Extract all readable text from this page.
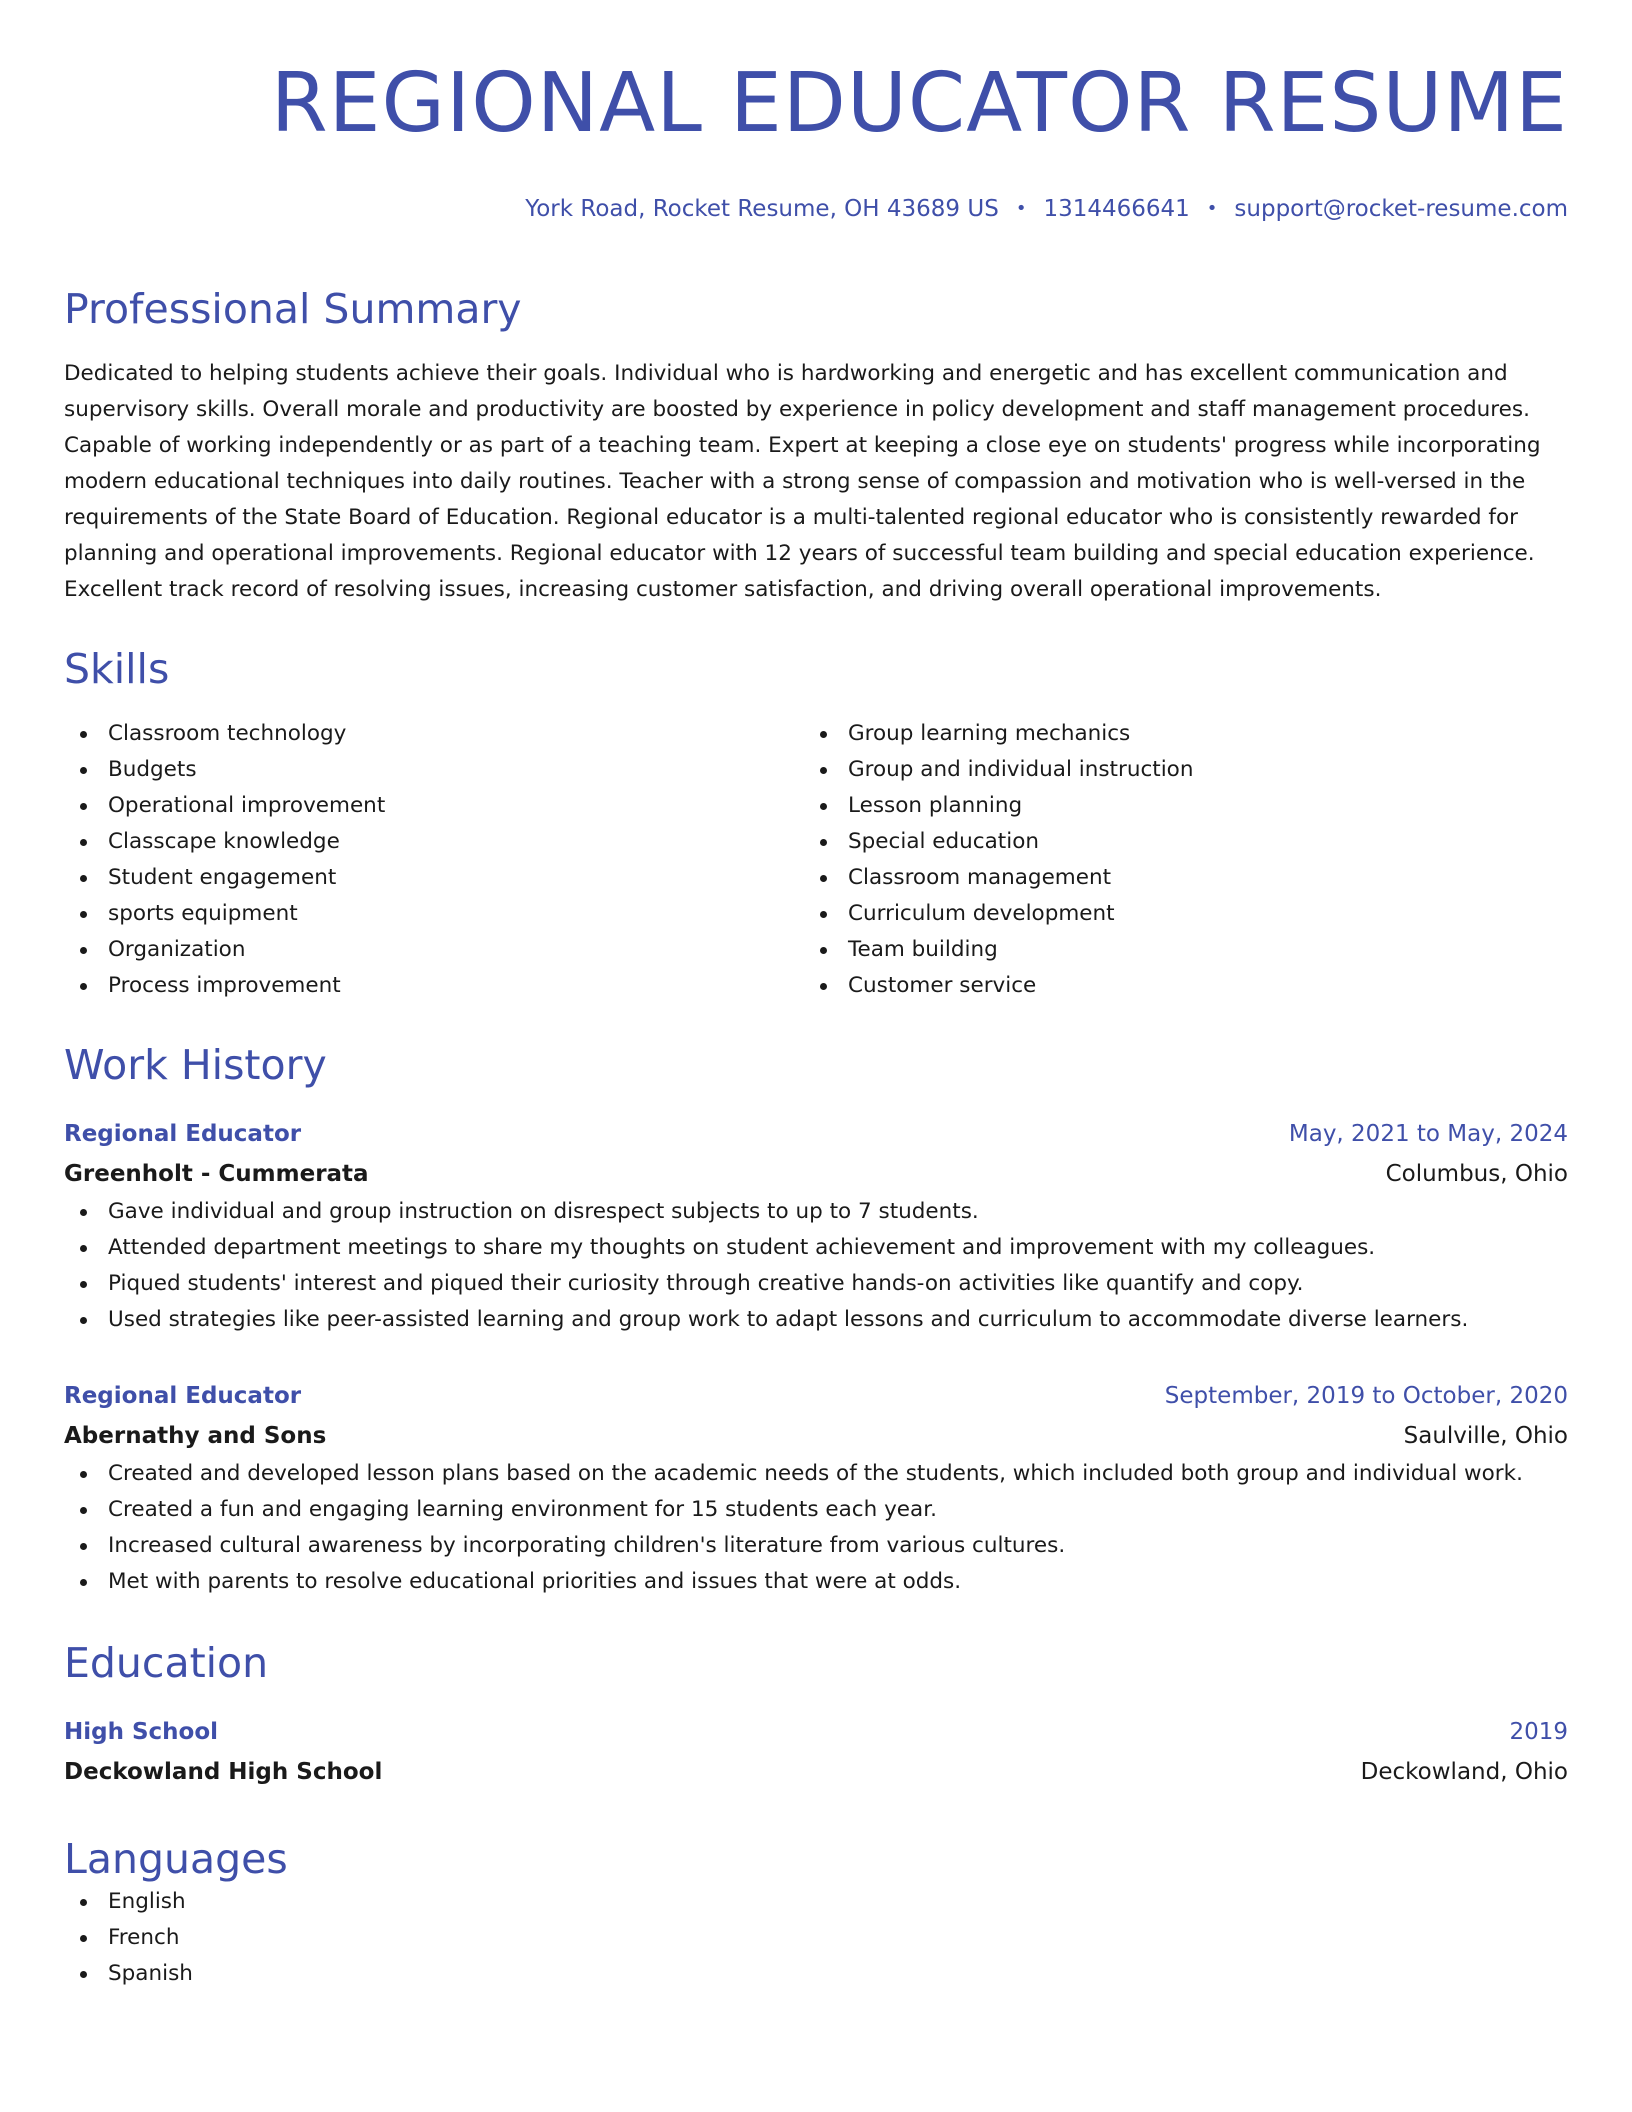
REGIONAL EDUCATOR RESUME
York Road, Rocket Resume, OH 43689 US • 1314466641 • support@rocket-resume.com
Professional Summary
Dedicated to helping students achieve their goals. Individual who is hardworking and energetic and has excellent communication and supervisory skills. Overall morale and productivity are boosted by experience in policy development and staff management procedures. Capable of working independently or as part of a teaching team. Expert at keeping a close eye on students' progress while incorporating modern educational techniques into daily routines. Teacher with a strong sense of compassion and motivation who is well-versed in the requirements of the State Board of Education. Regional educator is a multi-talented regional educator who is consistently rewarded for planning and operational improvements. Regional educator with 12 years of successful team building and special education experience. Excellent track record of resolving issues, increasing customer satisfaction, and driving overall operational improvements.
Skills
Classroom technology
Budgets
Operational improvement
Classcape knowledge
Student engagement
sports equipment
Organization
Process improvement
Group learning mechanics
Group and individual instruction
Lesson planning
Special education
Classroom management
Curriculum development
Team building
Customer service
Work History
Regional Educator	May, 2021 to May, 2024
Greenholt - Cummerata	Columbus, Ohio
Gave individual and group instruction on disrespect subjects to up to 7 students.
Attended department meetings to share my thoughts on student achievement and improvement with my colleagues.
Piqued students' interest and piqued their curiosity through creative hands-on activities like quantify and copy.
Used strategies like peer-assisted learning and group work to adapt lessons and curriculum to accommodate diverse learners.
Regional Educator	September, 2019 to October, 2020
Abernathy and Sons	Saulville, Ohio
Created and developed lesson plans based on the academic needs of the students, which included both group and individual work.
Created a fun and engaging learning environment for 15 students each year.
Increased cultural awareness by incorporating children's literature from various cultures.
Met with parents to resolve educational priorities and issues that were at odds.
Education
High School	2019
Deckowland High School	Deckowland, Ohio
Languages
English
French
Spanish
